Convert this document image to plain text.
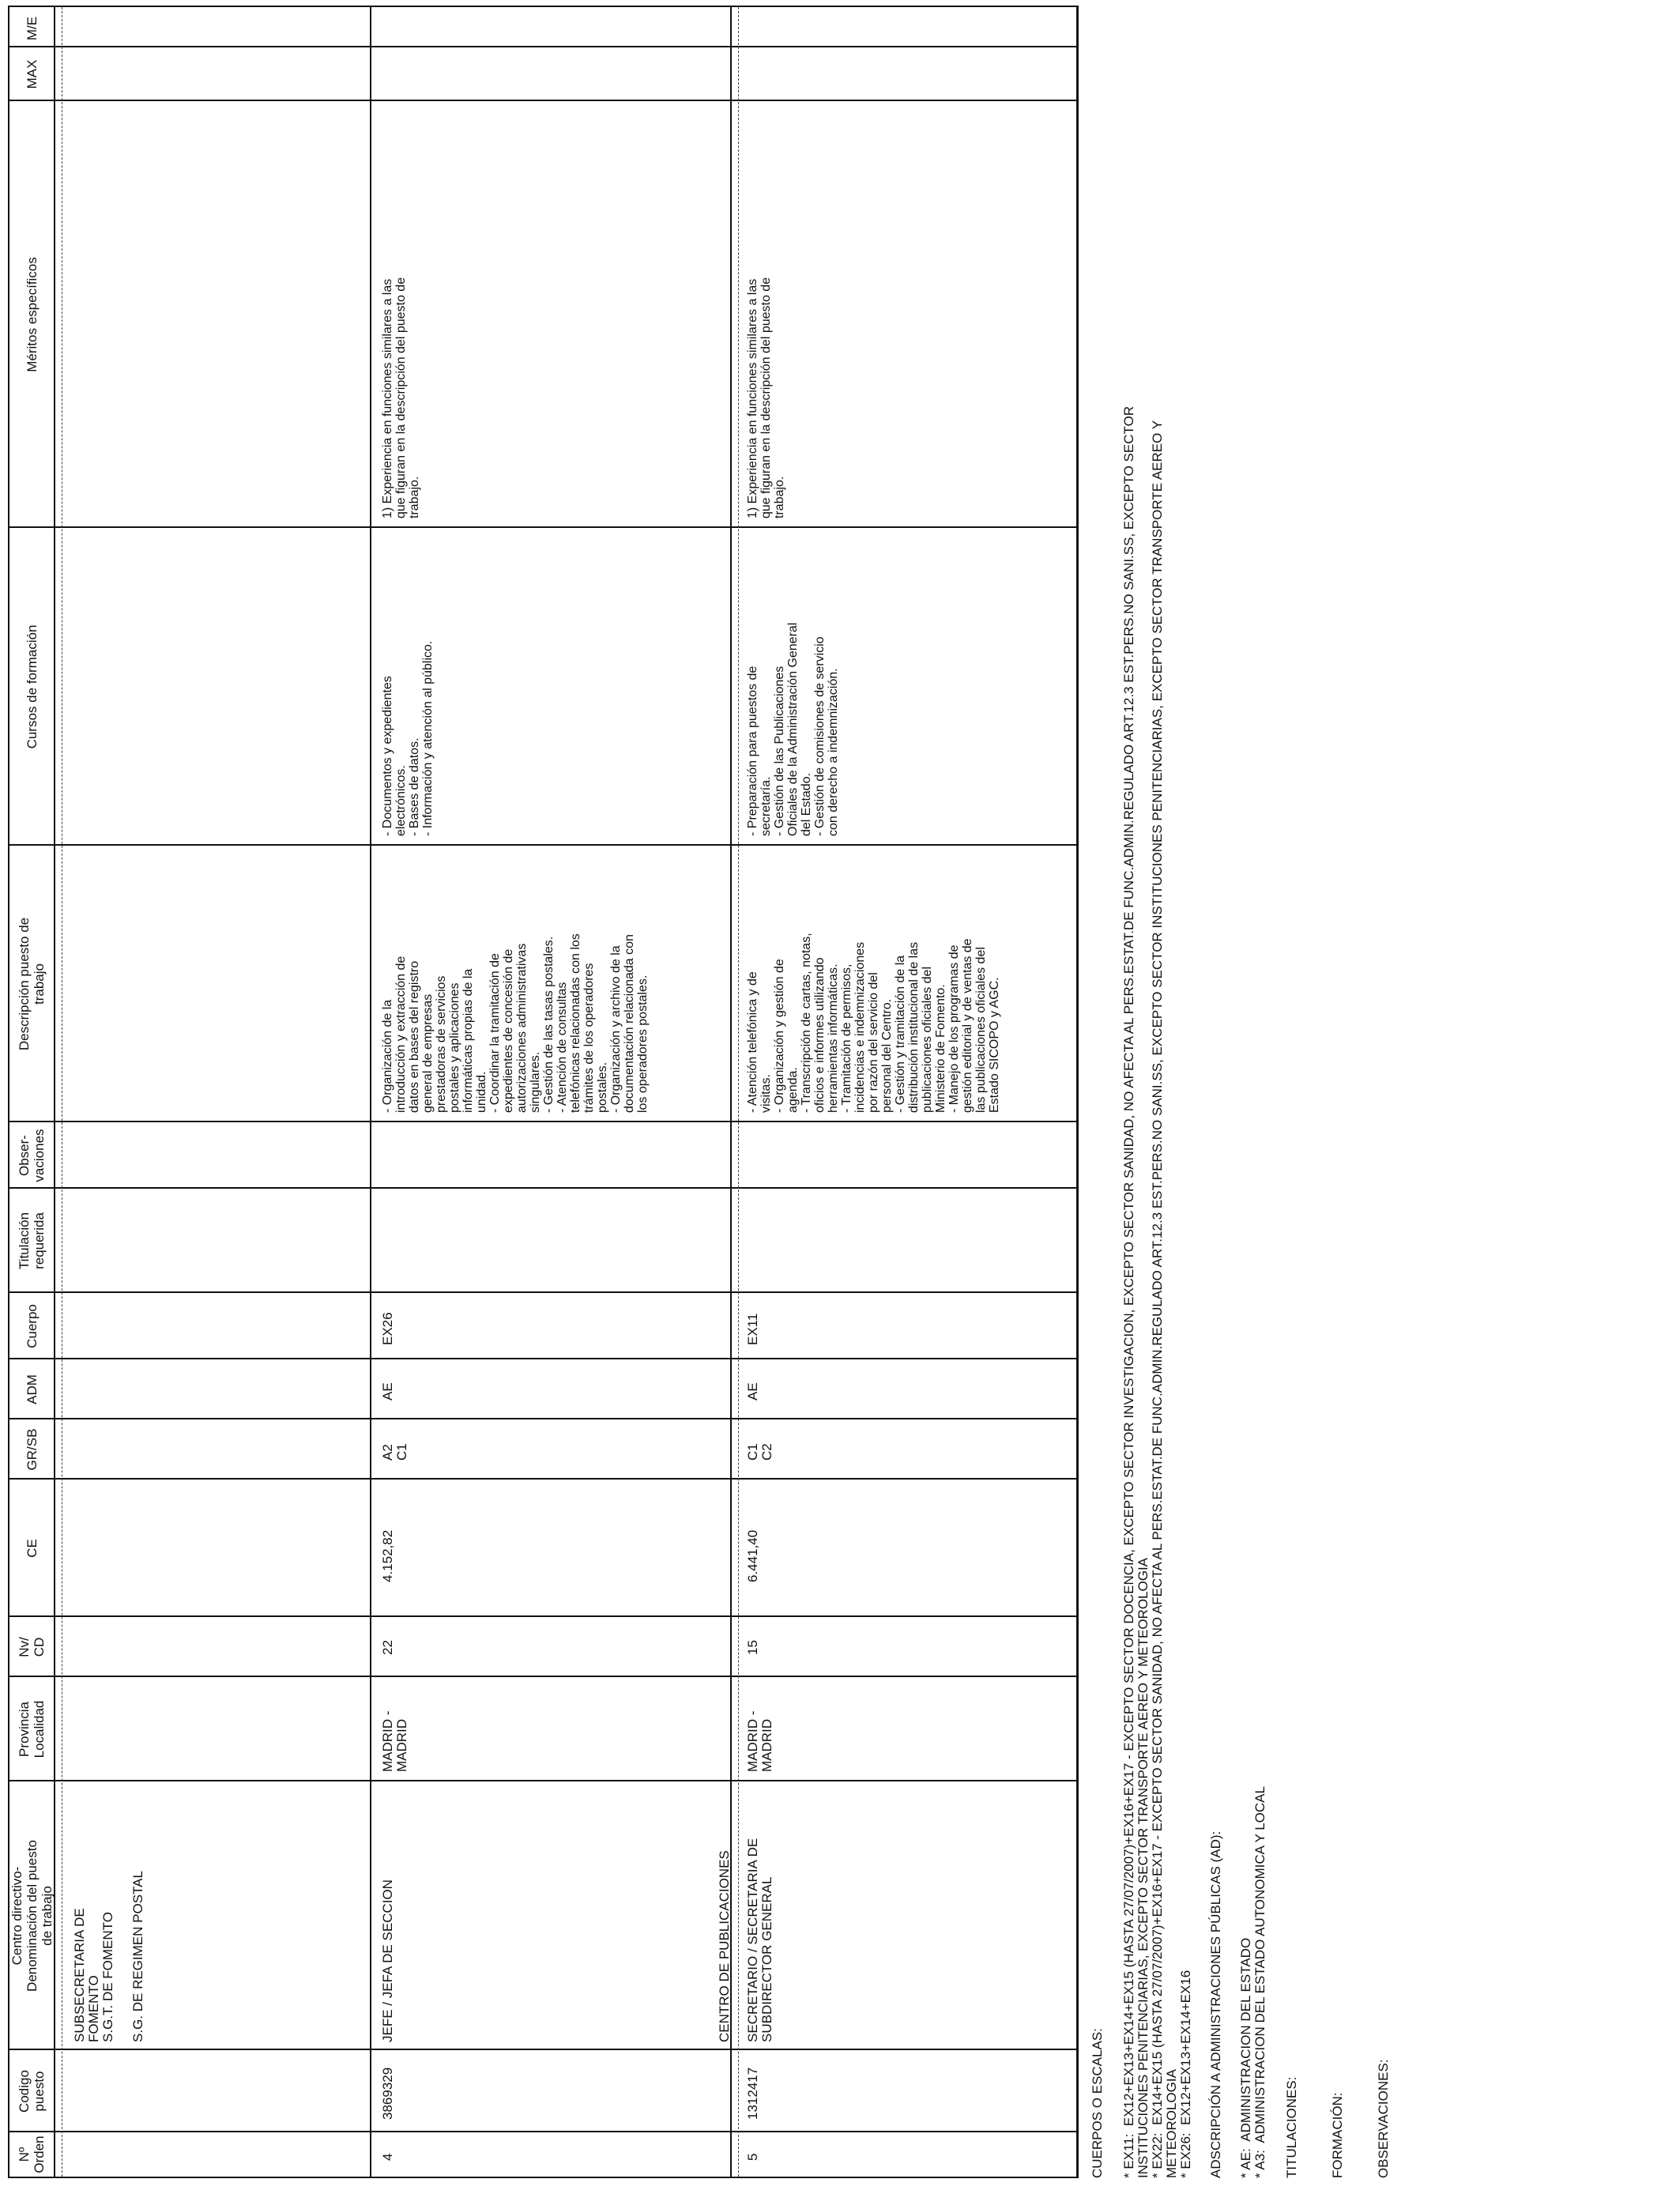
Nº
Orden
Codigo
puesto
Centro directivo-
Denominación del puesto
de trabajo
Provincia
Localidad
Nv/
CD
CE
GR/SB
ADM
Cuerpo
Titulación
requerida
Obser-
vaciones
Descripción puesto de
trabajo
Cursos de formación
Méritos específicos
MAX
M/E
SUBSECRETARIA DE
FOMENTO
S.G.T. DE FOMENTO S.G. DE REGIMEN POSTAL
4
3869329
JEFE / JEFA DE SECCION
MADRID -
MADRID
22
4.152,82
A2
C1
AE
EX26
- Organización de la
introducción y extracción de
datos en bases del registro
general de empresas
prestadoras de servicios
postales y aplicaciones
informáticas propias de la
unidad.
- Coordinar la tramitación de
expedientes de concesión de
autorizaciones administrativas
singulares.
- Gestión de las tasas postales.
- Atención de consultas
telefónicas relacionadas con los
trámites de los operadores
postales.
- Organización y archivo de la
documentación relacionada con
los operadores postales.
- Documentos y expedientes
electrónicos.
- Bases de datos.
- Información y atención al público.
1) Experiencia en funciones similares a las
que figuran en la descripción del puesto de
trabajo.
CENTRO DE PUBLICACIONES
5
1312417
SECRETARIO / SECRETARIA DE
SUBDIRECTOR GENERAL
MADRID -
MADRID
15
6.441,40
C1
C2
AE
EX11
- Atención telefónica y de
visitas.
- Organización y gestión de
agenda.
- Transcripción de cartas, notas,
oficios e informes utilizando
herramientas informáticas.
- Tramitación de permisos,
incidencias e indemnizaciones
por razón del servicio del
personal del Centro.
- Gestión y tramitación de la
distribución institucional de las
publicaciones oficiales del
Ministerio de Fomento.
- Manejo de los programas de
gestión editorial y de ventas de
las publicaciones oficiales del
Estado SICOPO y AGC.
- Preparación para puestos de
secretaría.
- Gestión de las Publicaciones
Oficiales de la Administración General
del Estado.
- Gestión de comisiones de servicio
con derecho a indemnización.
1) Experiencia en funciones similares a las
que figuran en la descripción del puesto de
trabajo.
CUERPOS O ESCALAS: * EX11:  EX12+EX13+EX14+EX15 (HASTA 27/07/2007)+EX16+EX17 - EXCEPTO SECTOR DOCENCIA, EXCEPTO SECTOR INVESTIGACION, EXCEPTO SECTOR SANIDAD, NO AFECTA AL PERS.ESTAT.DE FUNC.ADMIN.REGULADO ART.12.3 EST.PERS.NO SANI.SS, EXCEPTO SECTOR
INSTITUCIONES PENITENCIARIAS, EXCEPTO SECTOR TRANSPORTE AEREO Y METEOROLOGIA
* EX22:  EX14+EX15 (HASTA 27/07/2007)+EX16+EX17 - EXCEPTO SECTOR SANIDAD, NO AFECTA AL PERS.ESTAT.DE FUNC.ADMIN.REGULADO ART.12.3 EST.PERS.NO SANI.SS, EXCEPTO SECTOR INSTITUCIONES PENITENCIARIAS, EXCEPTO SECTOR TRANSPORTE AEREO Y
METEOROLOGIA * EX26:  EX12+EX13+EX14+EX16 ADSCRIPCIÓN A ADMINISTRACIONES PÚBLICAS (AD): * AE:  ADMINISTRACION DEL ESTADO * A3:  ADMINISTRACION DEL ESTADO AUTONOMICA Y LOCAL TITULACIONES: FORMACIÓN: OBSERVACIONES:
